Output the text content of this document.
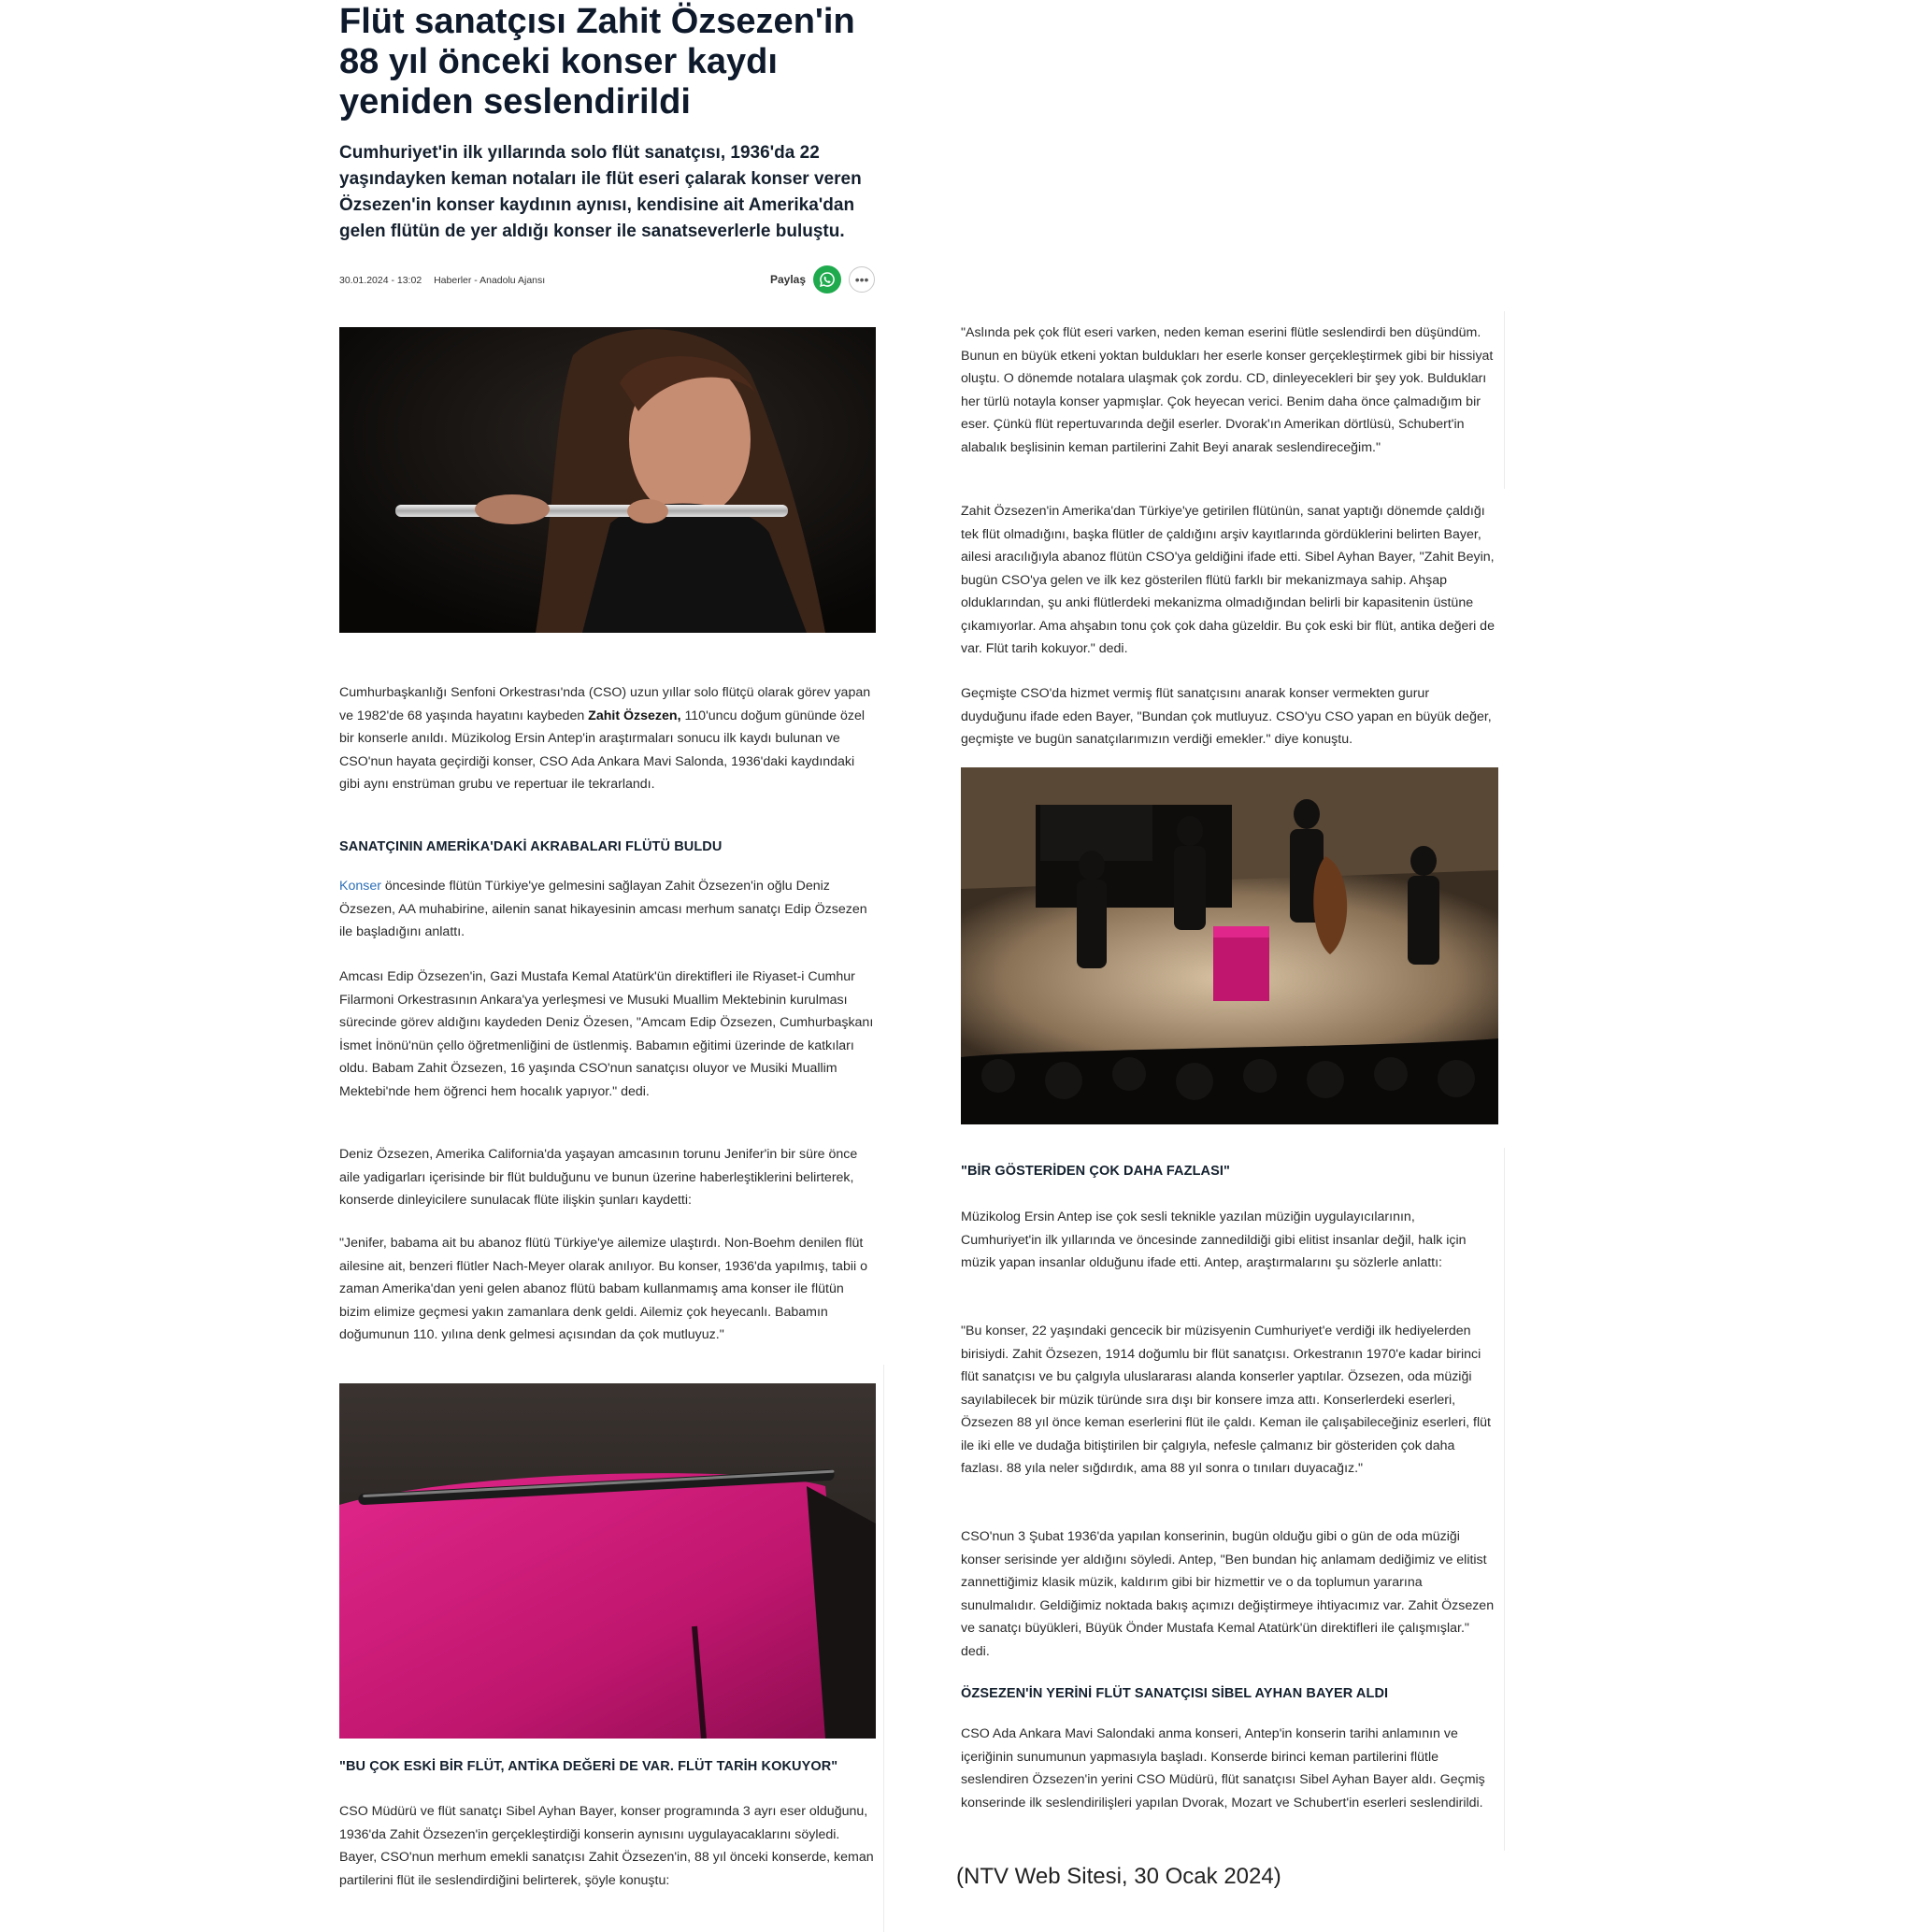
Flüt sanatçısı Zahit Özsezen'in 88 yıl önceki konser kaydı yeniden seslendirildi

Cumhuriyet'in ilk yıllarında solo flüt sanatçısı, 1936'da 22 yaşındayken keman notaları ile flüt eseri çalarak konser veren Özsezen'in konser kaydının aynısı, kendisine ait Amerika'dan gelen flütün de yer aldığı konser ile sanatseverlerle buluştu.

30.01.2024 - 13:02 Haberler - Anadolu Ajansı	Paylaş	•••

Cumhurbaşkanlığı Senfoni Orkestrası'nda (CSO) uzun yıllar solo flütçü olarak görev yapan ve 1982'de 68 yaşında hayatını kaybeden Zahit Özsezen, 110'uncu doğum gününde özel bir konserle anıldı. Müzikolog Ersin Antep'in araştırmaları sonucu ilk kaydı bulunan ve CSO'nun hayata geçirdiği konser, CSO Ada Ankara Mavi Salonda, 1936'daki kaydındaki gibi aynı enstrüman grubu ve repertuar ile tekrarlandı.

SANATÇININ AMERİKA'DAKİ AKRABALARI FLÜTÜ BULDU

Konser öncesinde flütün Türkiye'ye gelmesini sağlayan Zahit Özsezen'in oğlu Deniz Özsezen, AA muhabirine, ailenin sanat hikayesinin amcası merhum sanatçı Edip Özsezen ile başladığını anlattı.

Amcası Edip Özsezen'in, Gazi Mustafa Kemal Atatürk'ün direktifleri ile Riyaset-i Cumhur Filarmoni Orkestrasının Ankara'ya yerleşmesi ve Musuki Muallim Mektebinin kurulması sürecinde görev aldığını kaydeden Deniz Özesen, "Amcam Edip Özsezen, Cumhurbaşkanı İsmet İnönü'nün çello öğretmenliğini de üstlenmiş. Babamın eğitimi üzerinde de katkıları oldu. Babam Zahit Özsezen, 16 yaşında CSO'nun sanatçısı oluyor ve Musiki Muallim Mektebi'nde hem öğrenci hem hocalık yapıyor." dedi.

Deniz Özsezen, Amerika California'da yaşayan amcasının torunu Jenifer'in bir süre önce aile yadigarları içerisinde bir flüt bulduğunu ve bunun üzerine haberleştiklerini belirterek, konserde dinleyicilere sunulacak flüte ilişkin şunları kaydetti:

"Jenifer, babama ait bu abanoz flütü Türkiye'ye ailemize ulaştırdı. Non-Boehm denilen flüt ailesine ait, benzeri flütler Nach-Meyer olarak anılıyor. Bu konser, 1936'da yapılmış, tabii o zaman Amerika'dan yeni gelen abanoz flütü babam kullanmamış ama konser ile flütün bizim elimize geçmesi yakın zamanlara denk geldi. Ailemiz çok heyecanlı. Babamın doğumunun 110. yılına denk gelmesi açısından da çok mutluyuz."

"BU ÇOK ESKİ BİR FLÜT, ANTİKA DEĞERİ DE VAR. FLÜT TARİH KOKUYOR"

CSO Müdürü ve flüt sanatçı Sibel Ayhan Bayer, konser programında 3 ayrı eser olduğunu, 1936'da Zahit Özsezen'in gerçekleştirdiği konserin aynısını uygulayacaklarını söyledi. Bayer, CSO'nun merhum emekli sanatçısı Zahit Özsezen'in, 88 yıl önceki konserde, keman partilerini flüt ile seslendirdiğini belirterek, şöyle konuştu:

"Aslında pek çok flüt eseri varken, neden keman eserini flütle seslendirdi ben düşündüm. Bunun en büyük etkeni yoktan buldukları her eserle konser gerçekleştirmek gibi bir hissiyat oluştu. O dönemde notalara ulaşmak çok zordu. CD, dinleyecekleri bir şey yok. Buldukları her türlü notayla konser yapmışlar. Çok heyecan verici. Benim daha önce çalmadığım bir eser. Çünkü flüt repertuvarında değil eserler. Dvorak'ın Amerikan dörtlüsü, Schubert'in alabalık beşlisinin keman partilerini Zahit Beyi anarak seslendireceğim."

Zahit Özsezen'in Amerika'dan Türkiye'ye getirilen flütünün, sanat yaptığı dönemde çaldığı tek flüt olmadığını, başka flütler de çaldığını arşiv kayıtlarında gördüklerini belirten Bayer, ailesi aracılığıyla abanoz flütün CSO'ya geldiğini ifade etti. Sibel Ayhan Bayer, "Zahit Beyin, bugün CSO'ya gelen ve ilk kez gösterilen flütü farklı bir mekanizmaya sahip. Ahşap olduklarından, şu anki flütlerdeki mekanizma olmadığından belirli bir kapasitenin üstüne çıkamıyorlar. Ama ahşabın tonu çok çok daha güzeldir. Bu çok eski bir flüt, antika değeri de var. Flüt tarih kokuyor." dedi.

Geçmişte CSO'da hizmet vermiş flüt sanatçısını anarak konser vermekten gurur duyduğunu ifade eden Bayer, "Bundan çok mutluyuz. CSO'yu CSO yapan en büyük değer, geçmişte ve bugün sanatçılarımızın verdiği emekler." diye konuştu.

"BİR GÖSTERİDEN ÇOK DAHA FAZLASI"

Müzikolog Ersin Antep ise çok sesli teknikle yazılan müziğin uygulayıcılarının, Cumhuriyet'in ilk yıllarında ve öncesinde zannedildiği gibi elitist insanlar değil, halk için müzik yapan insanlar olduğunu ifade etti. Antep, araştırmalarını şu sözlerle anlattı:

"Bu konser, 22 yaşındaki gencecik bir müzisyenin Cumhuriyet'e verdiği ilk hediyelerden birisiydi. Zahit Özsezen, 1914 doğumlu bir flüt sanatçısı. Orkestranın 1970'e kadar birinci flüt sanatçısı ve bu çalgıyla uluslararası alanda konserler yaptılar. Özsezen, oda müziği sayılabilecek bir müzik türünde sıra dışı bir konsere imza attı. Konserlerdeki eserleri, Özsezen 88 yıl önce keman eserlerini flüt ile çaldı. Keman ile çalışabileceğiniz eserleri, flüt ile iki elle ve dudağa bitiştirilen bir çalgıyla, nefesle çalmanız bir gösteriden çok daha fazlası. 88 yıla neler sığdırdık, ama 88 yıl sonra o tınıları duyacağız."

CSO'nun 3 Şubat 1936'da yapılan konserinin, bugün olduğu gibi o gün de oda müziği konser serisinde yer aldığını söyledi. Antep, "Ben bundan hiç anlamam dediğimiz ve elitist zannettiğimiz klasik müzik, kaldırım gibi bir hizmettir ve o da toplumun yararına sunulmalıdır. Geldiğimiz noktada bakış açımızı değiştirmeye ihtiyacımız var. Zahit Özsezen ve sanatçı büyükleri, Büyük Önder Mustafa Kemal Atatürk'ün direktifleri ile çalışmışlar." dedi.

ÖZSEZEN'İN YERİNİ FLÜT SANATÇISI SİBEL AYHAN BAYER ALDI

CSO Ada Ankara Mavi Salondaki anma konseri, Antep'in konserin tarihi anlamının ve içeriğinin sunumunun yapmasıyla başladı. Konserde birinci keman partilerini flütle seslendiren Özsezen'in yerini CSO Müdürü, flüt sanatçısı Sibel Ayhan Bayer aldı. Geçmiş konserinde ilk seslendirilişleri yapılan Dvorak, Mozart ve Schubert'in eserleri seslendirildi.

(NTV Web Sitesi, 30 Ocak 2024)
